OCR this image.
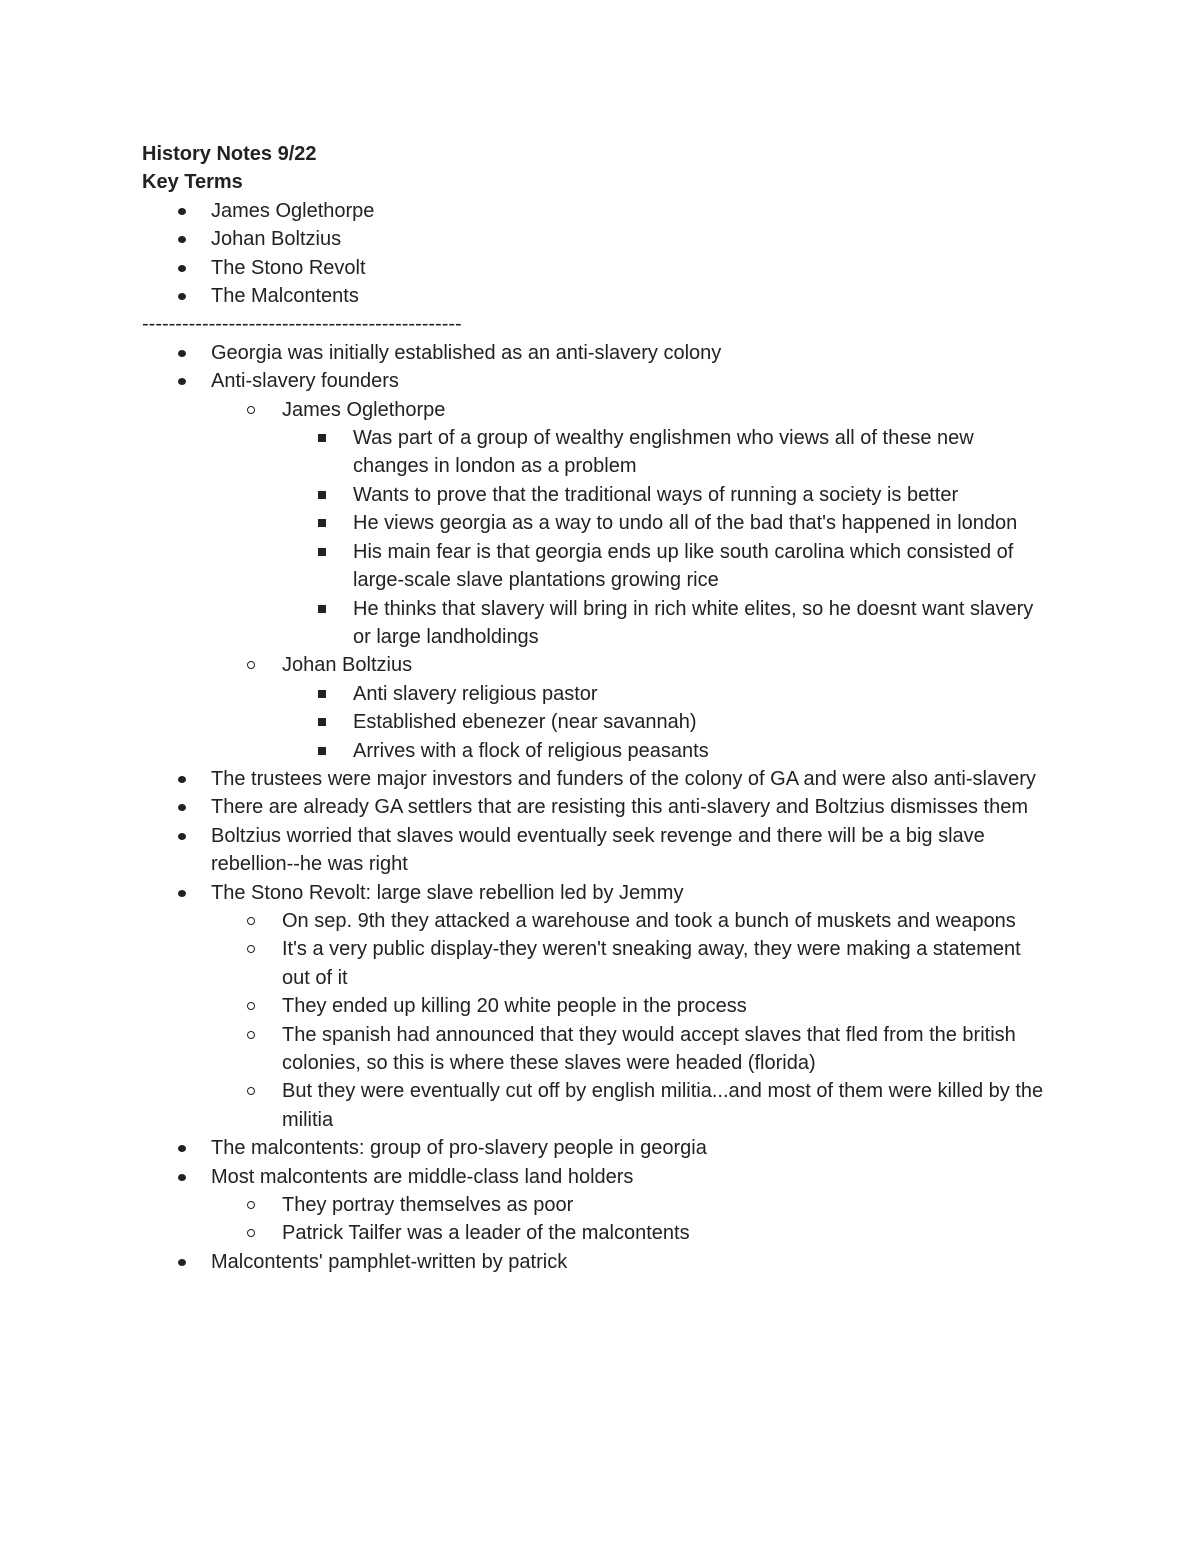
History Notes 9/22

Key Terms

James Oglethorpe
Johan Boltzius
The Stono Revolt
The Malcontents

------------------------------------------------

Georgia was initially established as an anti-slavery colony
Anti-slavery founders
James Oglethorpe
Was part of a group of wealthy englishmen who views all of these new changes in london as a problem
Wants to prove that the traditional ways of running a society is better
He views georgia as a way to undo all of the bad that's happened in london
His main fear is that georgia ends up like south carolina which consisted of large-scale slave plantations growing rice
He thinks that slavery will bring in rich white elites, so he doesnt want slavery or large landholdings
Johan Boltzius
Anti slavery religious pastor
Established ebenezer (near savannah)
Arrives with a flock of religious peasants
The trustees were major investors and funders of the colony of GA and were also anti-slavery
There are already GA settlers that are resisting this anti-slavery and Boltzius dismisses them
Boltzius worried that slaves would eventually seek revenge and there will be a big slave rebellion--he was right
The Stono Revolt: large slave rebellion led by Jemmy
On sep. 9th they attacked a warehouse and took a bunch of muskets and weapons
It's a very public display-they weren't sneaking away, they were making a statement out of it
They ended up killing 20 white people in the process
The spanish had announced that they would accept slaves that fled from the british colonies, so this is where these slaves were headed (florida)
But they were eventually cut off by english militia...and most of them were killed by the militia
The malcontents: group of pro-slavery people in georgia
Most malcontents are middle-class land holders
They portray themselves as poor
Patrick Tailfer was a leader of the malcontents
Malcontents' pamphlet-written by patrick
